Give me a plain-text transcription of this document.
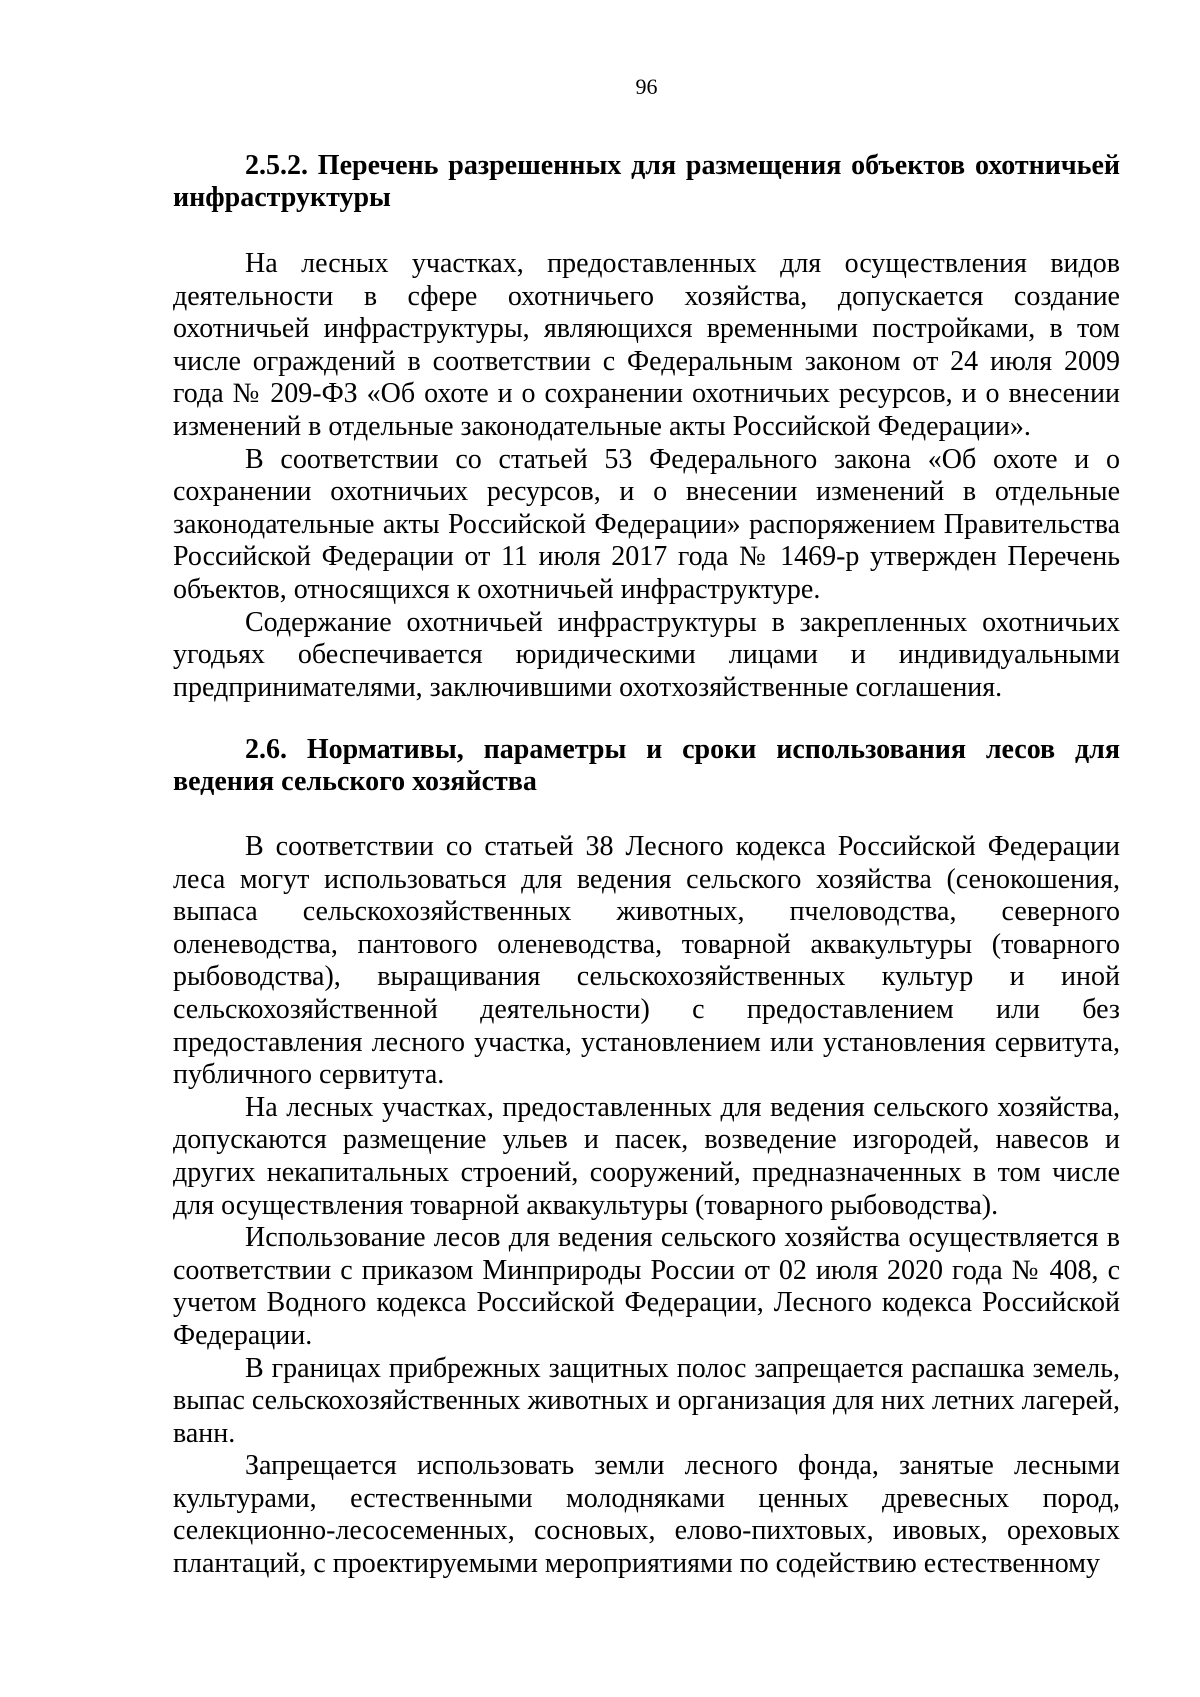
96
2.5.2. Перечень разрешенных для размещения объектов охотничьей инфраструктуры

На лесных участках, предоставленных для осуществления видов деятельности в сфере охотничьего хозяйства, допускается создание охотничьей инфраструктуры, являющихся временными постройками, в том числе ограждений в соответствии с Федеральным законом от 24 июля 2009 года № 209-ФЗ «Об охоте и о сохранении охотничьих ресурсов, и о внесении изменений в отдельные законодательные акты Российской Федерации».

В соответствии со статьей 53 Федерального закона «Об охоте и о сохранении охотничьих ресурсов, и о внесении изменений в отдельные законодательные акты Российской Федерации» распоряжением Правительства Российской Федерации от 11 июля 2017 года № 1469-р утвержден Перечень объектов, относящихся к охотничьей инфраструктуре.

Содержание охотничьей инфраструктуры в закрепленных охотничьих угодьях обеспечивается юридическими лицами и индивидуальными предпринимателями, заключившими охотхозяйственные соглашения.

2.6. Нормативы, параметры и сроки использования лесов для ведения сельского хозяйства

В соответствии со статьей 38 Лесного кодекса Российской Федерации леса могут использоваться для ведения сельского хозяйства (сенокошения, выпаса сельскохозяйственных животных, пчеловодства, северного оленеводства, пантового оленеводства, товарной аквакультуры (товарного рыбоводства), выращивания сельскохозяйственных культур и иной сельскохозяйственной деятельности) с предоставлением или без предоставления лесного участка, установлением или установления сервитута, публичного сервитута.

На лесных участках, предоставленных для ведения сельского хозяйства, допускаются размещение ульев и пасек, возведение изгородей, навесов и других некапитальных строений, сооружений, предназначенных в том числе для осуществления товарной аквакультуры (товарного рыбоводства).

Использование лесов для ведения сельского хозяйства осуществляется в соответствии с приказом Минприроды России от 02 июля 2020 года № 408, с учетом Водного кодекса Российской Федерации, Лесного кодекса Российской Федерации.

В границах прибрежных защитных полос запрещается распашка земель, выпас сельскохозяйственных животных и организация для них летних лагерей, ванн.

Запрещается использовать земли лесного фонда, занятые лесными культурами, естественными молодняками ценных древесных пород, селекционно-лесосеменных, сосновых, елово-пихтовых, ивовых, ореховых плантаций, с проектируемыми мероприятиями по содействию естественному
